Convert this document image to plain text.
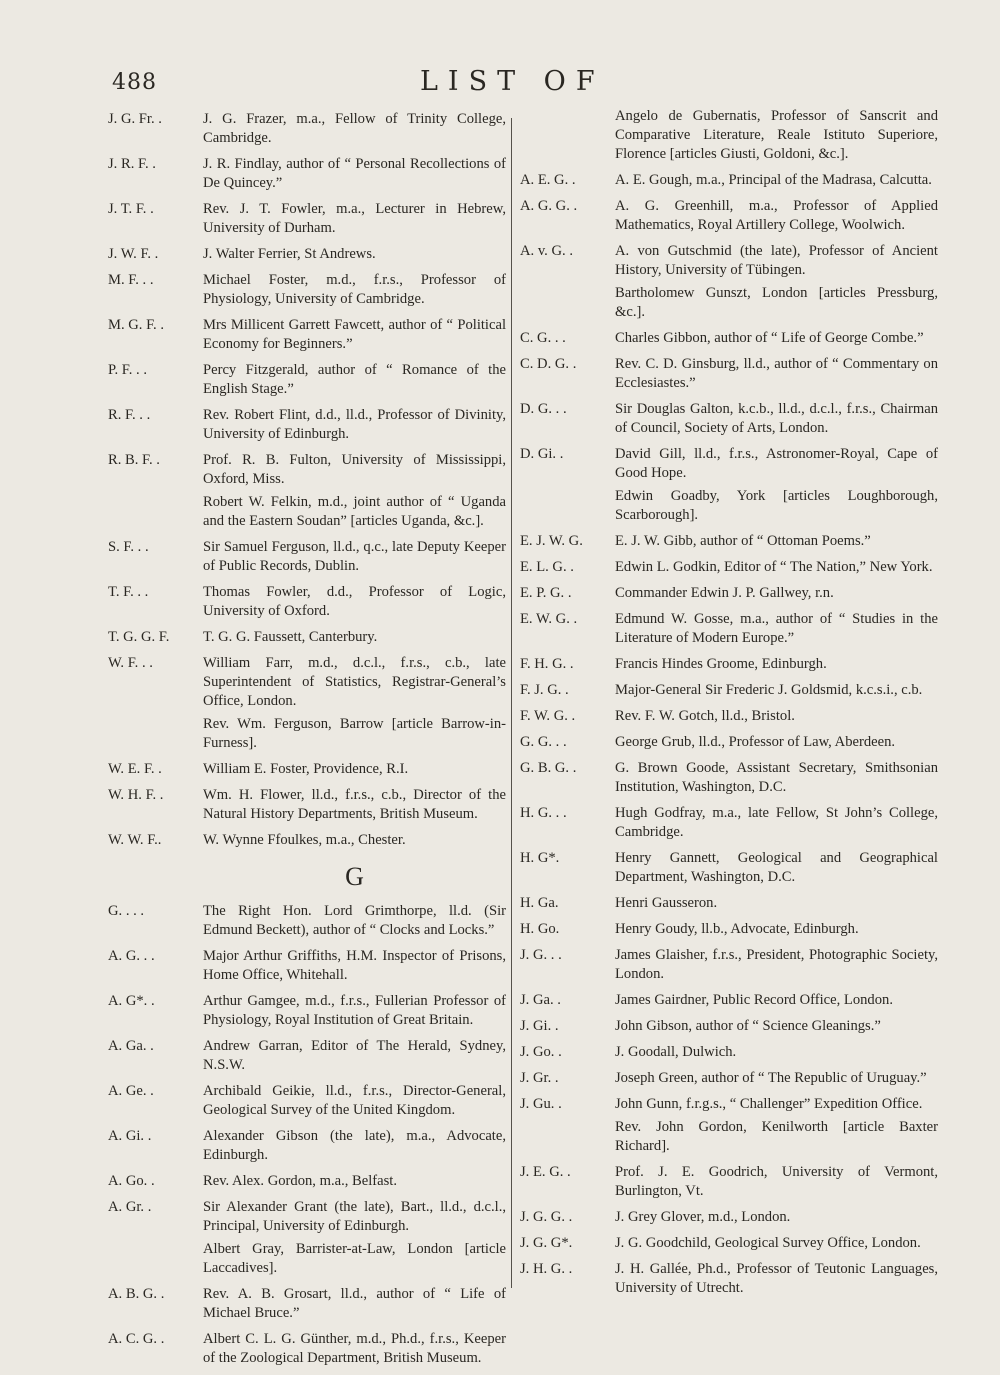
488	LIST OF
J. G. Fr. .	J. G. Frazer, m.a., Fellow of Trinity College, Cambridge.
J. R. F. .	J. R. Findlay, author of “ Personal Recollections of De Quincey.”
J. T. F. .	Rev. J. T. Fowler, m.a., Lecturer in Hebrew, University of Durham.
J. W. F. .	J. Walter Ferrier, St Andrews.
M. F. . .	Michael Foster, m.d., f.r.s., Professor of Physiology, University of Cambridge.
M. G. F. .	Mrs Millicent Garrett Fawcett, author of “ Political Economy for Beginners.”
P. F. . .	Percy Fitzgerald, author of “ Romance of the English Stage.”
R. F. . .	Rev. Robert Flint, d.d., ll.d., Professor of Divinity, University of Edinburgh.
R. B. F. .	Prof. R. B. Fulton, University of Mississippi, Oxford, Miss.
Robert W. Felkin, m.d., joint author of “ Uganda and the Eastern Soudan” [articles Uganda, &c.].
S. F. . .	Sir Samuel Ferguson, ll.d., q.c., late Deputy Keeper of Public Records, Dublin.
T. F. . .	Thomas Fowler, d.d., Professor of Logic, University of Oxford.
T. G. G. F.	T. G. G. Faussett, Canterbury.
W. F. . .	William Farr, m.d., d.c.l., f.r.s., c.b., late Superintendent of Statistics, Registrar-General’s Office, London.
Rev. Wm. Ferguson, Barrow [article Barrow-in-Furness].
W. E. F. .	William E. Foster, Providence, R.I.
W. H. F. .	Wm. H. Flower, ll.d., f.r.s., c.b., Director of the Natural History Departments, British Museum.
W. W. F..	W. Wynne Ffoulkes, m.a., Chester.
G
G. . . .	The Right Hon. Lord Grimthorpe, ll.d. (Sir Edmund Beckett), author of “ Clocks and Locks.”
A. G. . .	Major Arthur Griffiths, H.M. Inspector of Prisons, Home Office, Whitehall.
A. G*. .	Arthur Gamgee, m.d., f.r.s., Fullerian Professor of Physiology, Royal Institution of Great Britain.
A. Ga. .	Andrew Garran, Editor of The Herald, Sydney, N.S.W.
A. Ge. .	Archibald Geikie, ll.d., f.r.s., Director-General, Geological Survey of the United Kingdom.
A. Gi. .	Alexander Gibson (the late), m.a., Advocate, Edinburgh.
A. Go. .	Rev. Alex. Gordon, m.a., Belfast.
A. Gr. .	Sir Alexander Grant (the late), Bart., ll.d., d.c.l., Principal, University of Edinburgh.
Albert Gray, Barrister-at-Law, London [article Laccadives].
A. B. G. .	Rev. A. B. Grosart, ll.d., author of “ Life of Michael Bruce.”
A. C. G. .	Albert C. L. G. Günther, m.d., Ph.d., f.r.s., Keeper of the Zoological Department, British Museum.
Angelo de Gubernatis, Professor of Sanscrit and Comparative Literature, Reale Istituto Superiore, Florence [articles Giusti, Goldoni, &c.].
A. E. G. .	A. E. Gough, m.a., Principal of the Madrasa, Calcutta.
A. G. G. .	A. G. Greenhill, m.a., Professor of Applied Mathematics, Royal Artillery College, Woolwich.
A. v. G. .	A. von Gutschmid (the late), Professor of Ancient History, University of Tübingen.
Bartholomew Gunszt, London [articles Pressburg, &c.].
C. G. . .	Charles Gibbon, author of “ Life of George Combe.”
C. D. G. .	Rev. C. D. Ginsburg, ll.d., author of “ Commentary on Ecclesiastes.”
D. G. . .	Sir Douglas Galton, k.c.b., ll.d., d.c.l., f.r.s., Chairman of Council, Society of Arts, London.
D. Gi. .	David Gill, ll.d., f.r.s., Astronomer-Royal, Cape of Good Hope.
Edwin Goadby, York [articles Loughborough, Scarborough].
E. J. W. G.	E. J. W. Gibb, author of “ Ottoman Poems.”
E. L. G. .	Edwin L. Godkin, Editor of “ The Nation,” New York.
E. P. G. .	Commander Edwin J. P. Gallwey, r.n.
E. W. G. .	Edmund W. Gosse, m.a., author of “ Studies in the Literature of Modern Europe.”
F. H. G. .	Francis Hindes Groome, Edinburgh.
F. J. G. .	Major-General Sir Frederic J. Goldsmid, k.c.s.i., c.b.
F. W. G. .	Rev. F. W. Gotch, ll.d., Bristol.
G. G. . .	George Grub, ll.d., Professor of Law, Aberdeen.
G. B. G. .	G. Brown Goode, Assistant Secretary, Smithsonian Institution, Washington, D.C.
H. G. . .	Hugh Godfray, m.a., late Fellow, St John’s College, Cambridge.
H. G*.	Henry Gannett, Geological and Geographical Department, Washington, D.C.
H. Ga.	Henri Gausseron.
H. Go.	Henry Goudy, ll.b., Advocate, Edinburgh.
J. G. . .	James Glaisher, f.r.s., President, Photographic Society, London.
J. Ga. .	James Gairdner, Public Record Office, London.
J. Gi. .	John Gibson, author of “ Science Gleanings.”
J. Go. .	J. Goodall, Dulwich.
J. Gr. .	Joseph Green, author of “ The Republic of Uruguay.”
J. Gu. .	John Gunn, f.r.g.s., “ Challenger” Expedition Office.
Rev. John Gordon, Kenilworth [article Baxter Richard].
J. E. G. .	Prof. J. E. Goodrich, University of Vermont, Burlington, Vt.
J. G. G. .	J. Grey Glover, m.d., London.
J. G. G*.	J. G. Goodchild, Geological Survey Office, London.
J. H. G. .	J. H. Gallée, Ph.d., Professor of Teutonic Languages, University of Utrecht.
